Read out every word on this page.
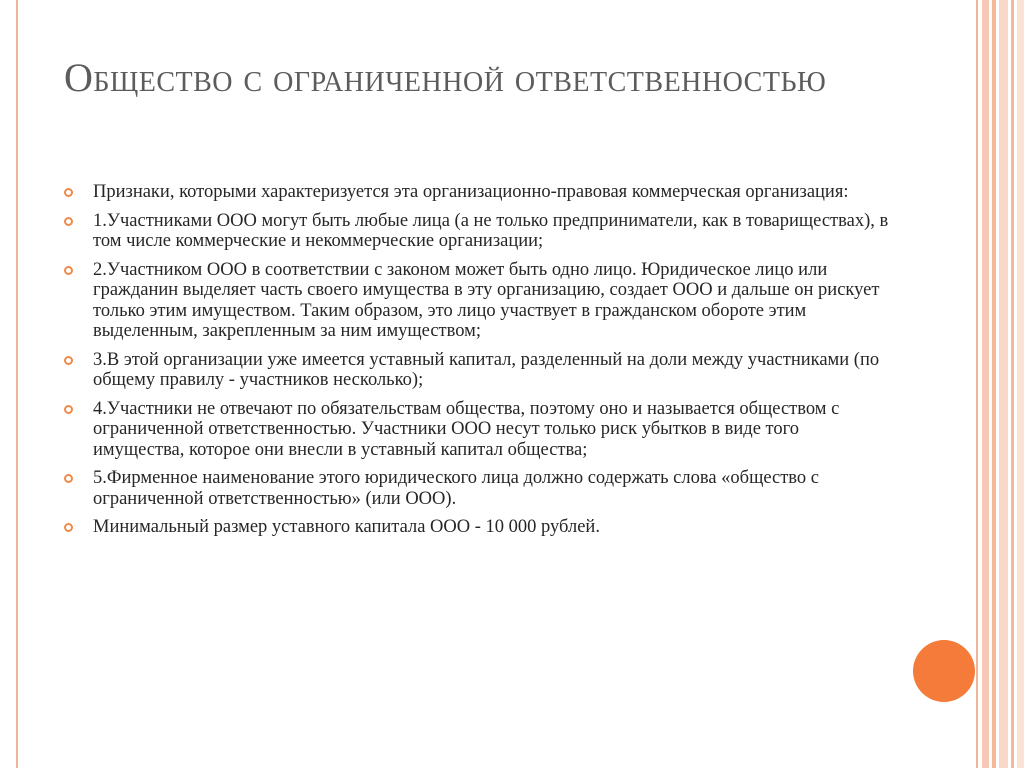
Общество с ограниченной ответственностью
Признаки, которыми характеризуется эта организационно-правовая коммерческая организация:
1.Участниками ООО могут быть любые лица (а не только предприниматели, как в товариществах), в том числе коммерческие и некоммерческие организации;
2.Участником ООО в соответствии с законом может быть одно лицо. Юридическое лицо или гражданин выделяет часть своего имущества в эту организацию, создает ООО и дальше он рискует только этим имуществом. Таким образом, это лицо участвует в гражданском обороте этим выделенным, закрепленным за ним имуществом;
3.В этой организации уже имеется уставный капитал, разделенный на доли между участниками (по общему правилу - участников несколько);
4.Участники не отвечают по обязательствам общества, поэтому оно и называется обществом с ограниченной ответственностью. Участники ООО несут только риск убытков в виде того имущества, которое они внесли в уставный капитал общества;
5.Фирменное наименование этого юридического лица должно содержать слова «общество с ограниченной ответственностью» (или ООО).
Минимальный размер уставного капитала ООО - 10 000 рублей.
